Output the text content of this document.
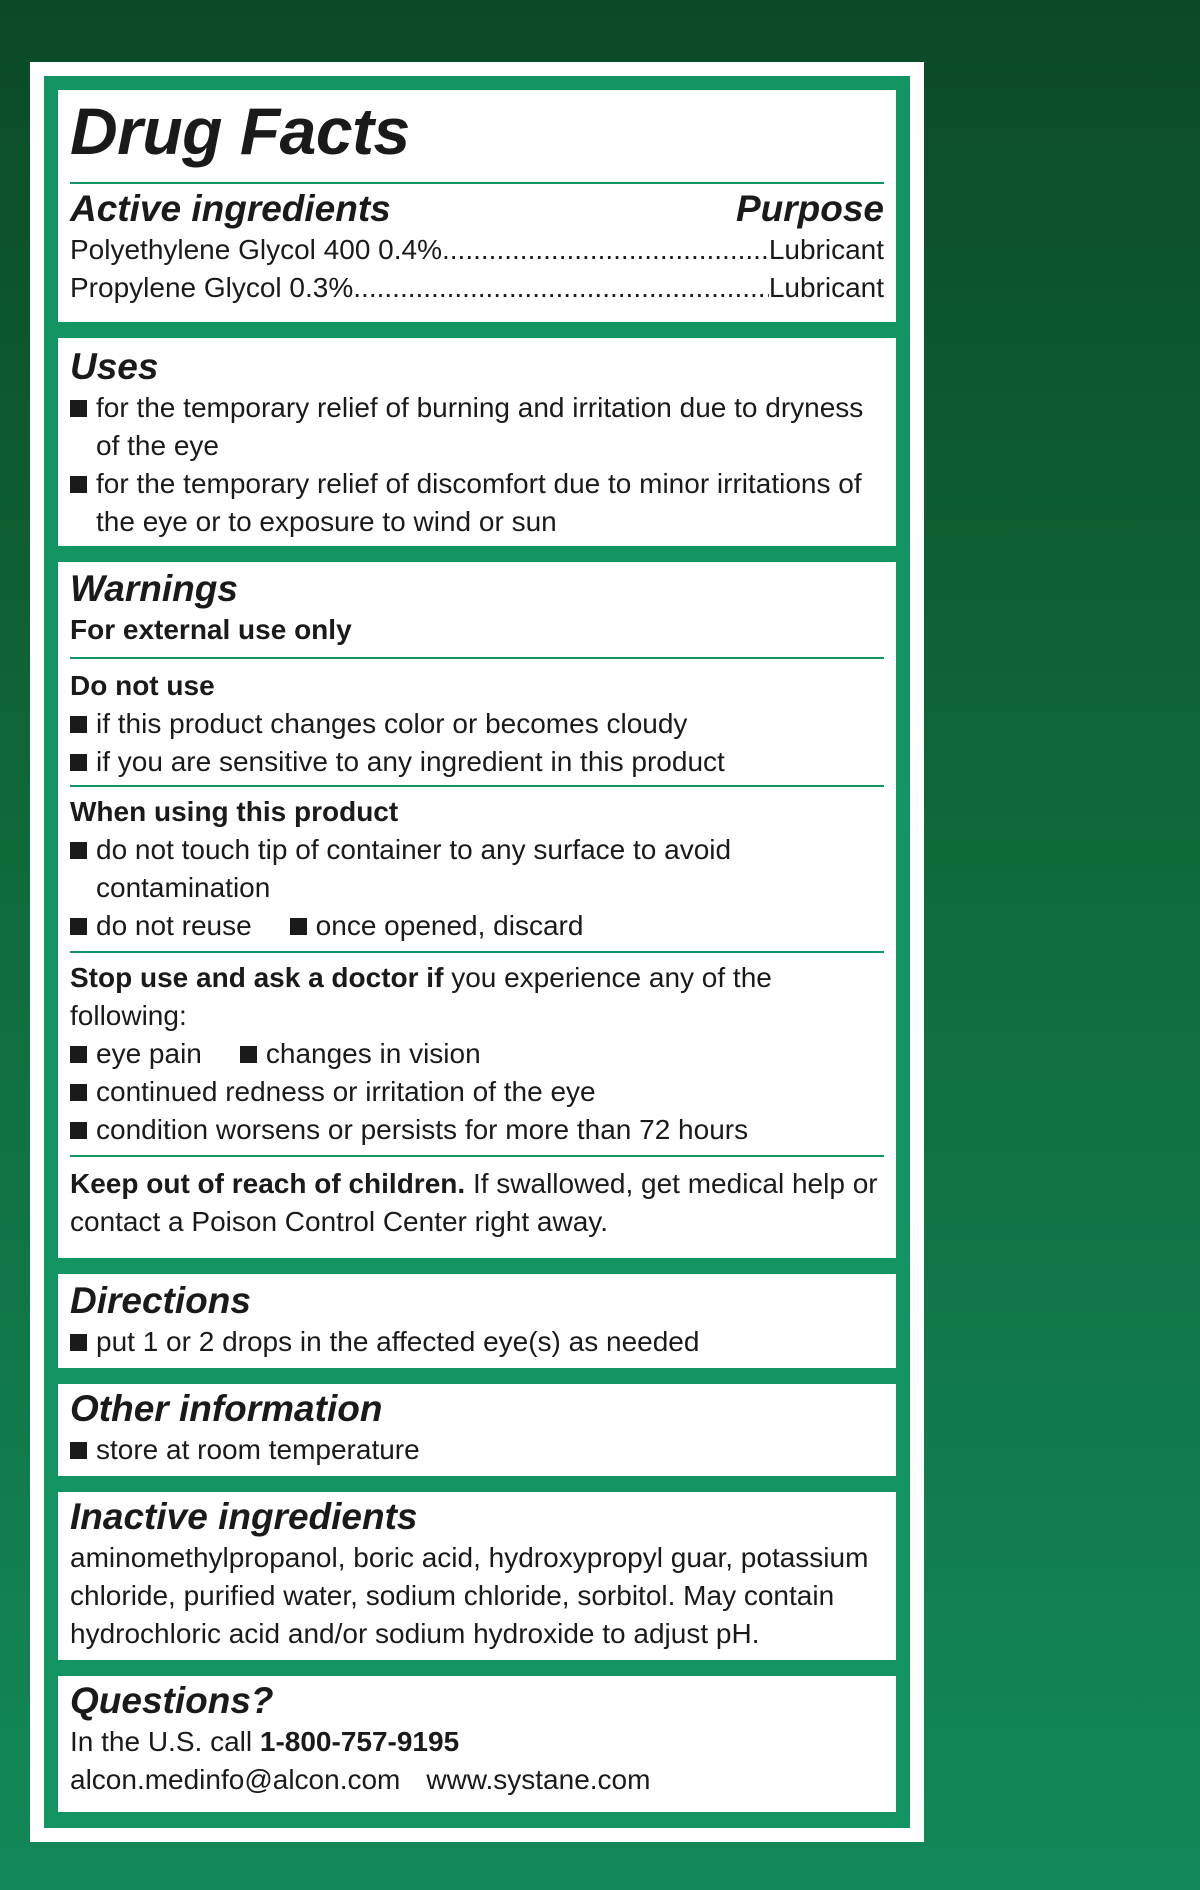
Drug Facts
Active ingredients	Purpose
Polyethylene Glycol 400 0.4% .....	Lubricant
Propylene Glycol 0.3% .....	Lubricant
Uses
for the temporary relief of burning and irritation due to dryness of the eye
for the temporary relief of discomfort due to minor irritations of the eye or to exposure to wind or sun
Warnings
For external use only
Do not use
if this product changes color or becomes cloudy
if you are sensitive to any ingredient in this product
When using this product
do not touch tip of container to any surface to avoid contamination
do not reuse once opened, discard
Stop use and ask a doctor if you experience any of the following:
eye pain changes in vision
continued redness or irritation of the eye
condition worsens or persists for more than 72 hours
Keep out of reach of children. If swallowed, get medical help or contact a Poison Control Center right away.
Directions
put 1 or 2 drops in the affected eye(s) as needed
Other information
store at room temperature
Inactive ingredients
aminomethylpropanol, boric acid, hydroxypropyl guar, potassium chloride, purified water, sodium chloride, sorbitol. May contain hydrochloric acid and/or sodium hydroxide to adjust pH.
Questions?
In the U.S. call 1-800-757-9195
alcon.medinfo@alcon.com www.systane.com
